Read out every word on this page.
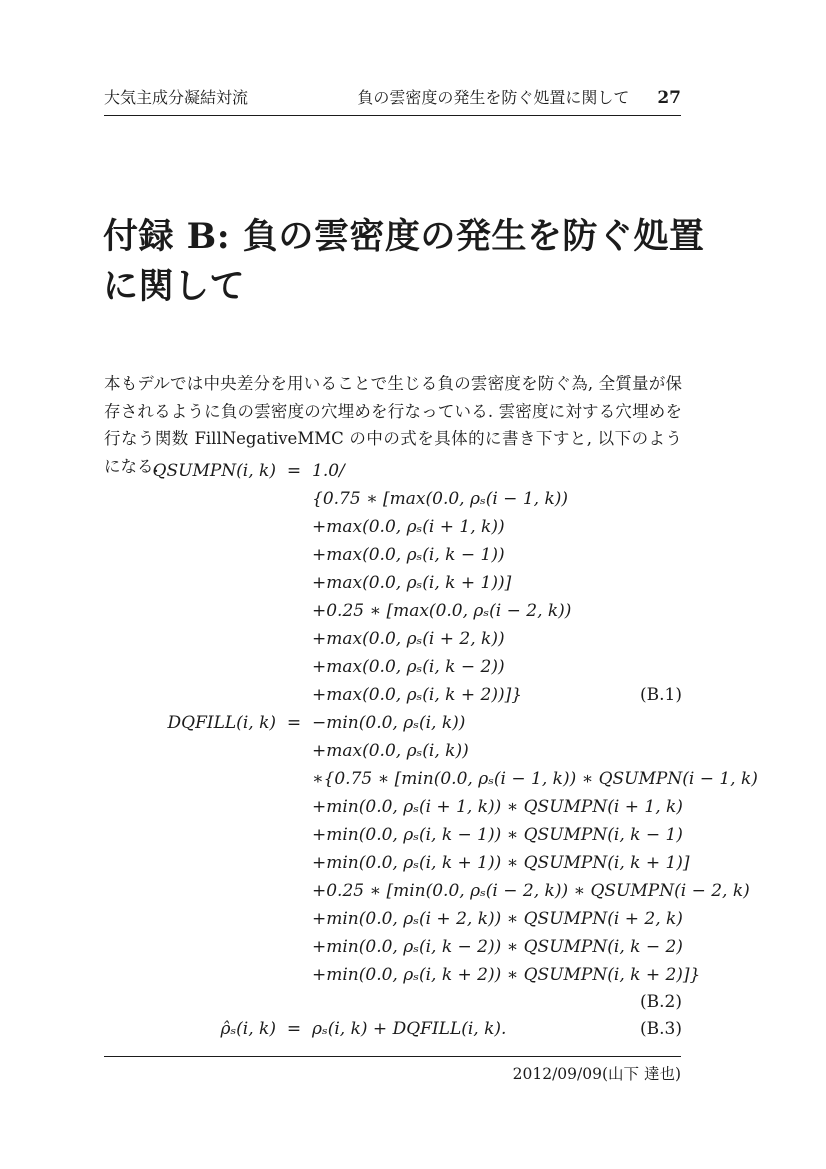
大気主成分凝結対流	負の雲密度の発生を防ぐ処置に関して 27
付録 B: 負の雲密度の発生を防ぐ処置
に関して
本もデルでは中央差分を用いることで生じる負の雲密度を防ぐ為, 全質量が保存されるように負の雲密度の穴埋めを行なっている. 雲密度に対する穴埋めを行なう関数 FillNegativeMMC の中の式を具体的に書き下すと, 以下のようになる.
QSUMPN(i, k) = 1.0/
{0.75 ∗ [max(0.0, ρₛ(i − 1, k))
+max(0.0, ρₛ(i + 1, k))
+max(0.0, ρₛ(i, k − 1))
+max(0.0, ρₛ(i, k + 1))]
+0.25 ∗ [max(0.0, ρₛ(i − 2, k))
+max(0.0, ρₛ(i + 2, k))
+max(0.0, ρₛ(i, k − 2))
+max(0.0, ρₛ(i, k + 2))]}	(B.1)
DQFILL(i, k) = −min(0.0, ρₛ(i, k))
+max(0.0, ρₛ(i, k))
∗{0.75 ∗ [min(0.0, ρₛ(i − 1, k)) ∗ QSUMPN(i − 1, k)
+min(0.0, ρₛ(i + 1, k)) ∗ QSUMPN(i + 1, k)
+min(0.0, ρₛ(i, k − 1)) ∗ QSUMPN(i, k − 1)
+min(0.0, ρₛ(i, k + 1)) ∗ QSUMPN(i, k + 1)]
+0.25 ∗ [min(0.0, ρₛ(i − 2, k)) ∗ QSUMPN(i − 2, k)
+min(0.0, ρₛ(i + 2, k)) ∗ QSUMPN(i + 2, k)
+min(0.0, ρₛ(i, k − 2)) ∗ QSUMPN(i, k − 2)
+min(0.0, ρₛ(i, k + 2)) ∗ QSUMPN(i, k + 2)]}
(B.2)
ρ̂ₛ(i, k) = ρₛ(i, k) + DQFILL(i, k).	(B.3)
2012/09/09(山下 達也)
